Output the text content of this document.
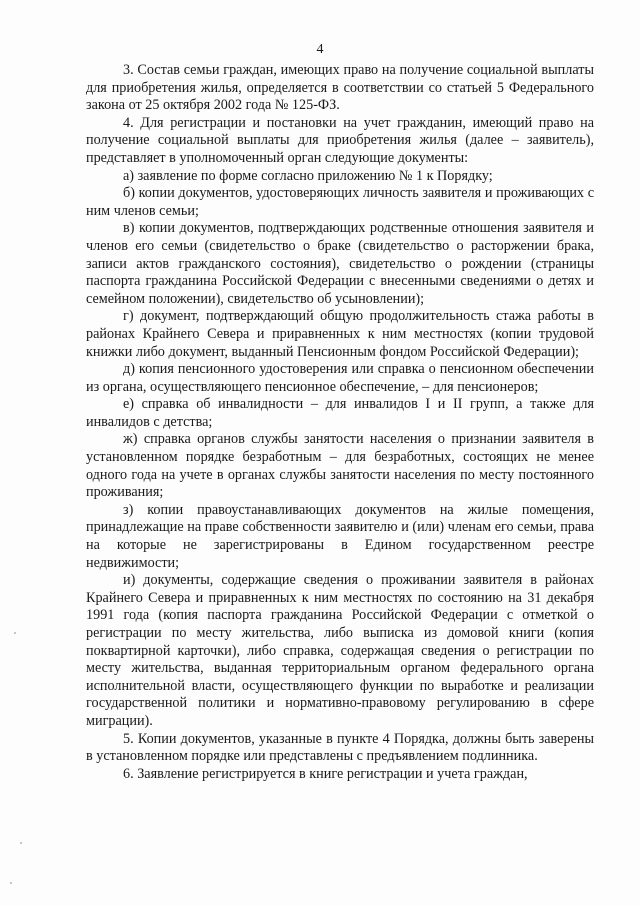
4

3. Состав семьи граждан, имеющих право на получение социальной выплаты для приобретения жилья, определяется в соответствии со статьей 5 Федерального закона от 25 октября 2002 года № 125-ФЗ.

4. Для регистрации и постановки на учет гражданин, имеющий право на получение социальной выплаты для приобретения жилья (далее – заявитель), представляет в уполномоченный орган следующие документы:

а) заявление по форме согласно приложению № 1 к Порядку;

б) копии документов, удостоверяющих личность заявителя и проживающих с ним членов семьи;

в) копии документов, подтверждающих родственные отношения заявителя и членов его семьи (свидетельство о браке (свидетельство о расторжении брака, записи актов гражданского состояния), свидетельство о рождении (страницы паспорта гражданина Российской Федерации с внесенными сведениями о детях и семейном положении), свидетельство об усыновлении);

г) документ, подтверждающий общую продолжительность стажа работы в районах Крайнего Севера и приравненных к ним местностях (копии трудовой книжки либо документ, выданный Пенсионным фондом Российской Федерации);

д) копия пенсионного удостоверения или справка о пенсионном обеспечении из органа, осуществляющего пенсионное обеспечение, – для пенсионеров;

е) справка об инвалидности – для инвалидов I и II групп, а также для инвалидов с детства;

ж) справка органов службы занятости населения о признании заявителя в установленном порядке безработным – для безработных, состоящих не менее одного года на учете в органах службы занятости населения по месту постоянного проживания;

з) копии правоустанавливающих документов на жилые помещения, принадлежащие на праве собственности заявителю и (или) членам его семьи, права на которые не зарегистрированы в Едином государственном реестре недвижимости;

и) документы, содержащие сведения о проживании заявителя в районах Крайнего Севера и приравненных к ним местностях по состоянию на 31 декабря 1991 года (копия паспорта гражданина Российской Федерации с отметкой о регистрации по месту жительства, либо выписка из домовой книги (копия поквартирной карточки), либо справка, содержащая сведения о регистрации по месту жительства, выданная территориальным органом федерального органа исполнительной власти, осуществляющего функции по выработке и реализации государственной политики и нормативно-правовому регулированию в сфере миграции).

5. Копии документов, указанные в пункте 4 Порядка, должны быть заверены в установленном порядке или представлены с предъявлением подлинника.

6. Заявление регистрируется в книге регистрации и учета граждан,
